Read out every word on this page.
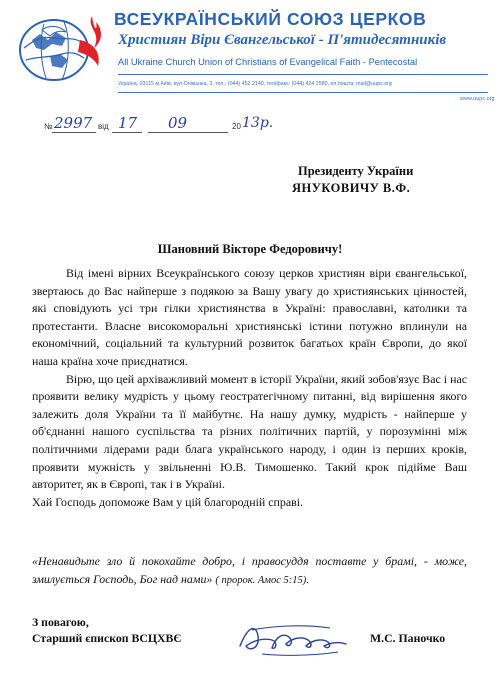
ВСЕУКРАЇНСЬКИЙ СОЮЗ ЦЕРКОВ
Християн Віри Євангельської - П'ятидесятників
All Ukraine Church Union of Christians of Evangelical Faith - Pentecostal
Україна, 03115 м.Київ, вул.Онікієнка, 3, тел.: (044) 452 2140, тел/факс: (044) 424 2580, ел.пошта: mail@uupc.org
www.uupc.org
№ 2997 від 17 09	20 13р.
Президенту України
ЯНУКОВИЧУ В.Ф.
Шановний Вікторе Федоровичу!

Від імені вірних Всеукраїнського союзу церков християн віри євангельської, звертаюсь до Вас найперше з подякою за Вашу увагу до християнських цінностей, які сповідують усі три гілки християнства в Україні: православні, католики та протестанти. Власне високоморальні християнські істини потужно вплинули на економічний, соціальний та культурний розвиток багатьох країн Європи, до якої наша країна хоче приєднатися.

Вірю, що цей архіважливий момент в історії України, який зобов'язує Вас і нас проявити велику мудрість у цьому геостратегічному питанні, від вирішення якого залежить доля України та її майбутнє. На нашу думку, мудрість - найперше у об'єднанні нашого суспільства та різних політичних партій, у порозумінні між політичними лідерами ради блага українського народу, і один із перших кроків, проявити мужність у звільненні Ю.В. Тимошенко. Такий крок підійме Ваш авторитет, як в Європі, так і в Україні.

Хай Господь допоможе Вам у цій благородній справі.

«Ненавидьте зло й покохайте добро, і правосуддя поставте у брамі, - може, змилується Господь, Бог над нами» ( пророк. Амос 5:15).
З повагою,
Старший єпископ ВСЦХВЄ	М.С. Паночко
